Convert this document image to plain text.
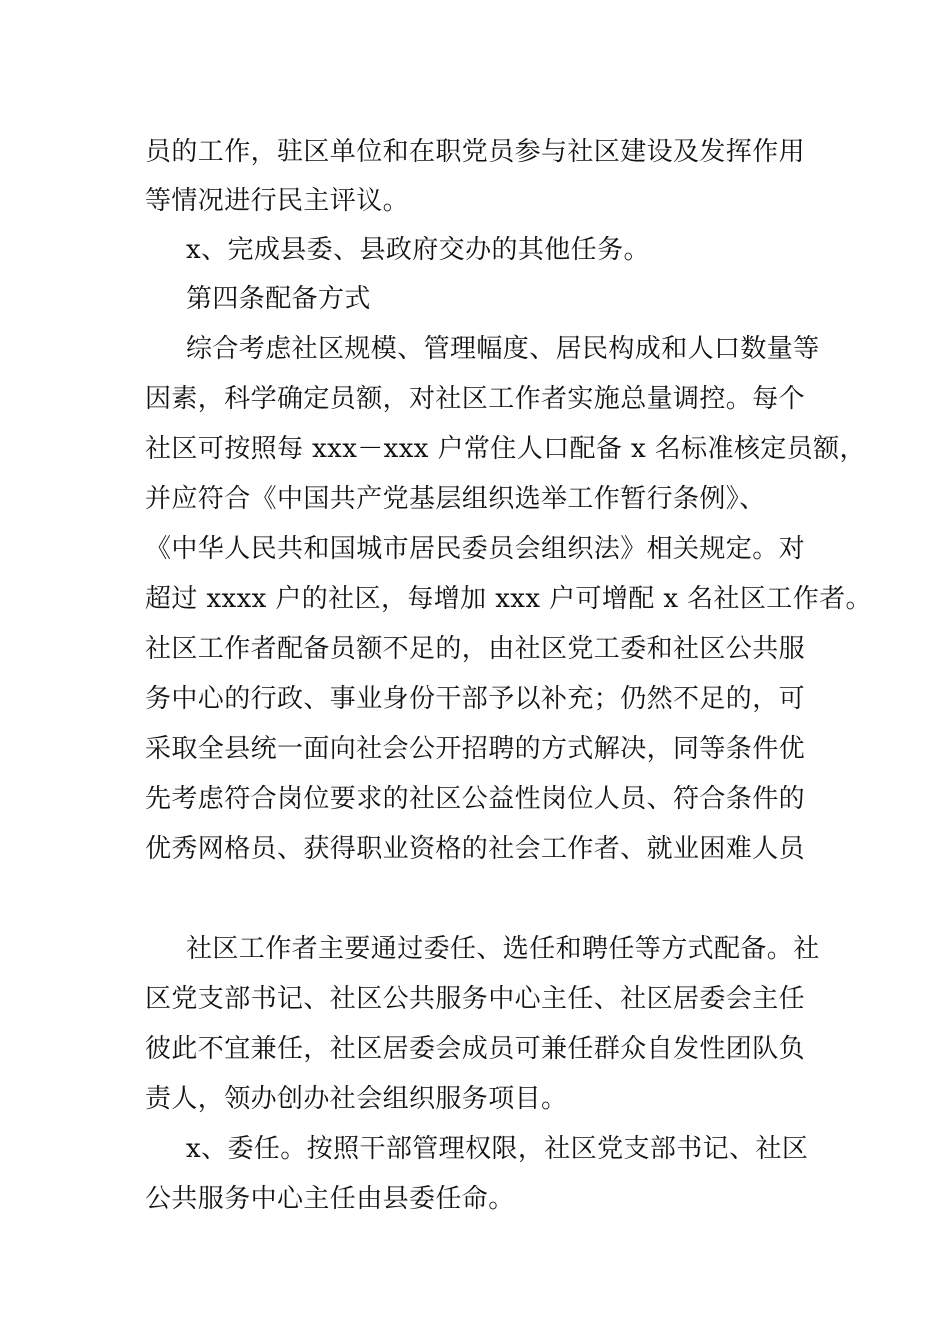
员的工作，驻区单位和在职党员参与社区建设及发挥作用
等情况进行民主评议。
x、完成县委、县政府交办的其他任务。
第四条配备方式
综合考虑社区规模、管理幅度、居民构成和人口数量等
因素，科学确定员额，对社区工作者实施总量调控。每个
社区可按照每 xxx－xxx 户常住人口配备 x 名标准核定员额，
并应符合《中国共产党基层组织选举工作暂行条例》、
《中华人民共和国城市居民委员会组织法》相关规定。对
超过 xxxx 户的社区，每增加 xxx 户可增配 x 名社区工作者。
社区工作者配备员额不足的，由社区党工委和社区公共服
务中心的行政、事业身份干部予以补充；仍然不足的，可
采取全县统一面向社会公开招聘的方式解决，同等条件优
先考虑符合岗位要求的社区公益性岗位人员、符合条件的
优秀网格员、获得职业资格的社会工作者、就业困难人员
社区工作者主要通过委任、选任和聘任等方式配备。社
区党支部书记、社区公共服务中心主任、社区居委会主任
彼此不宜兼任，社区居委会成员可兼任群众自发性团队负
责人，领办创办社会组织服务项目。
x、委任。按照干部管理权限，社区党支部书记、社区
公共服务中心主任由县委任命。
